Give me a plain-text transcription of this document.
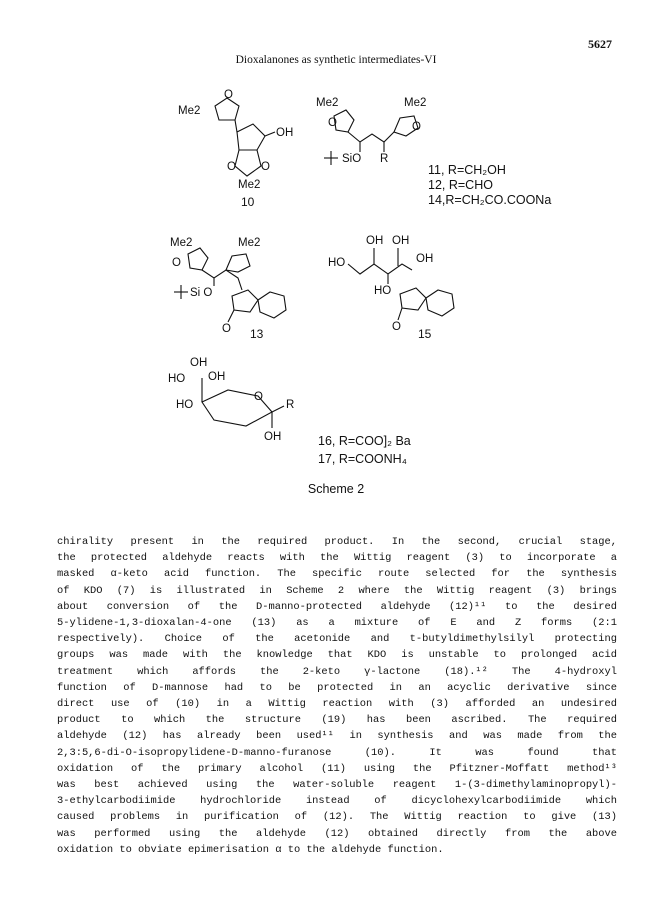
5627
Dioxalanones as synthetic intermediates-VI
O
Me2
OH
O O
Me2
10
Me2
O
Me2
O
SiO R

11, R=CH₂OH

12, R=CHO

14,R=CH₂CO.COONa

Me2
O
Me2
Si O
O 13
OH OH
HO	OH
HO
O 15
OH
HO OH
HO
O
R
OH	16, R=COO]₂ Ba

17, R=COONH₄

Scheme 2

chirality present in the required product. In the second, crucial stage,

the protected aldehyde reacts with the Wittig reagent (3) to incorporate a

masked α-keto acid function. The specific route selected for the synthesis

of KDO (7) is illustrated in Scheme 2 where the Wittig reagent (3) brings

about conversion of the D-manno-protected aldehyde (12)¹¹ to the desired

5-ylidene-1,3-dioxalan-4-one (13) as a mixture of E and Z forms (2:1

respectively). Choice of the acetonide and t-butyldimethylsilyl protecting

groups was made with the knowledge that KDO is unstable to prolonged acid

treatment which affords the 2-keto γ-lactone (18).¹² The 4-hydroxyl

function of D-mannose had to be protected in an acyclic derivative since

direct use of (10) in a Wittig reaction with (3) afforded an undesired

product to which the structure (19) has been ascribed. The required

aldehyde (12) has already been used¹¹ in synthesis and was made from the

2,3:5,6-di-O-isopropylidene-D-manno-furanose (10). It was found that

oxidation of the primary alcohol (11) using the Pfitzner-Moffatt method¹³

was best achieved using the water-soluble reagent 1-(3-dimethylaminopropyl)-

3-ethylcarbodiimide hydrochloride instead of dicyclohexylcarbodiimide which

caused problems in purification of (12). The Wittig reaction to give (13)

was performed using the aldehyde (12) obtained directly from the above

oxidation to obviate epimerisation α to the aldehyde function.
